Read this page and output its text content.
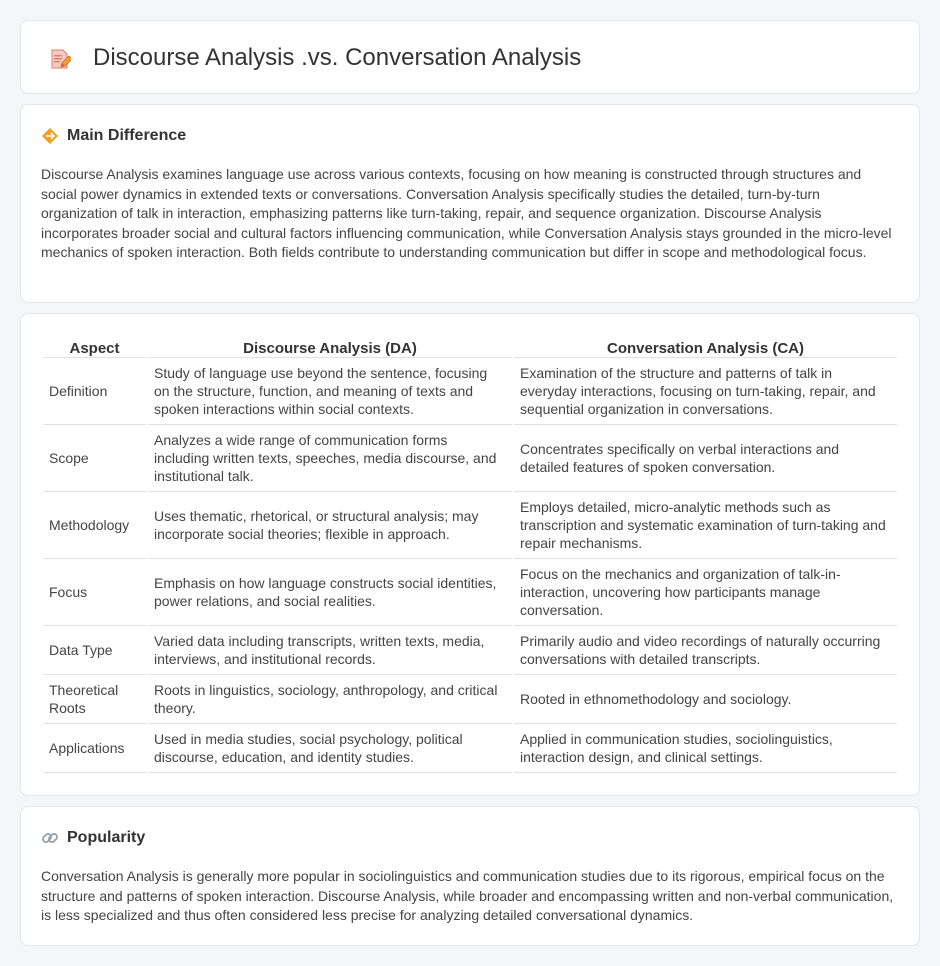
Discourse Analysis .vs. Conversation Analysis
Main Difference

Discourse Analysis examines language use across various contexts, focusing on how meaning is constructed through structures and social power dynamics in extended texts or conversations. Conversation Analysis specifically studies the detailed, turn-by-turn organization of talk in interaction, emphasizing patterns like turn-taking, repair, and sequence organization. Discourse Analysis incorporates broader social and cultural factors influencing communication, while Conversation Analysis stays grounded in the micro-level mechanics of spoken interaction. Both fields contribute to understanding communication but differ in scope and methodological focus.

Aspect	Discourse Analysis (DA)	Conversation Analysis (CA)
Definition	Study of language use beyond the sentence, focusing on the structure, function, and meaning of texts and spoken interactions within social contexts.	Examination of the structure and patterns of talk in everyday interactions, focusing on turn-taking, repair, and sequential organization in conversations.
Scope	Analyzes a wide range of communication forms including written texts, speeches, media discourse, and institutional talk.	Concentrates specifically on verbal interactions and detailed features of spoken conversation.
Methodology	Uses thematic, rhetorical, or structural analysis; may incorporate social theories; flexible in approach.	Employs detailed, micro-analytic methods such as transcription and systematic examination of turn-taking and repair mechanisms.
Focus	Emphasis on how language constructs social identities, power relations, and social realities.	Focus on the mechanics and organization of talk-in-interaction, uncovering how participants manage conversation.
Data Type	Varied data including transcripts, written texts, media, interviews, and institutional records.	Primarily audio and video recordings of naturally occurring conversations with detailed transcripts.
Theoretical Roots	Roots in linguistics, sociology, anthropology, and critical theory.	Rooted in ethnomethodology and sociology.
Applications	Used in media studies, social psychology, political discourse, education, and identity studies.	Applied in communication studies, sociolinguistics, interaction design, and clinical settings.
Popularity

Conversation Analysis is generally more popular in sociolinguistics and communication studies due to its rigorous, empirical focus on the structure and patterns of spoken interaction. Discourse Analysis, while broader and encompassing written and non-verbal communication, is less specialized and thus often considered less precise for analyzing detailed conversational dynamics.
